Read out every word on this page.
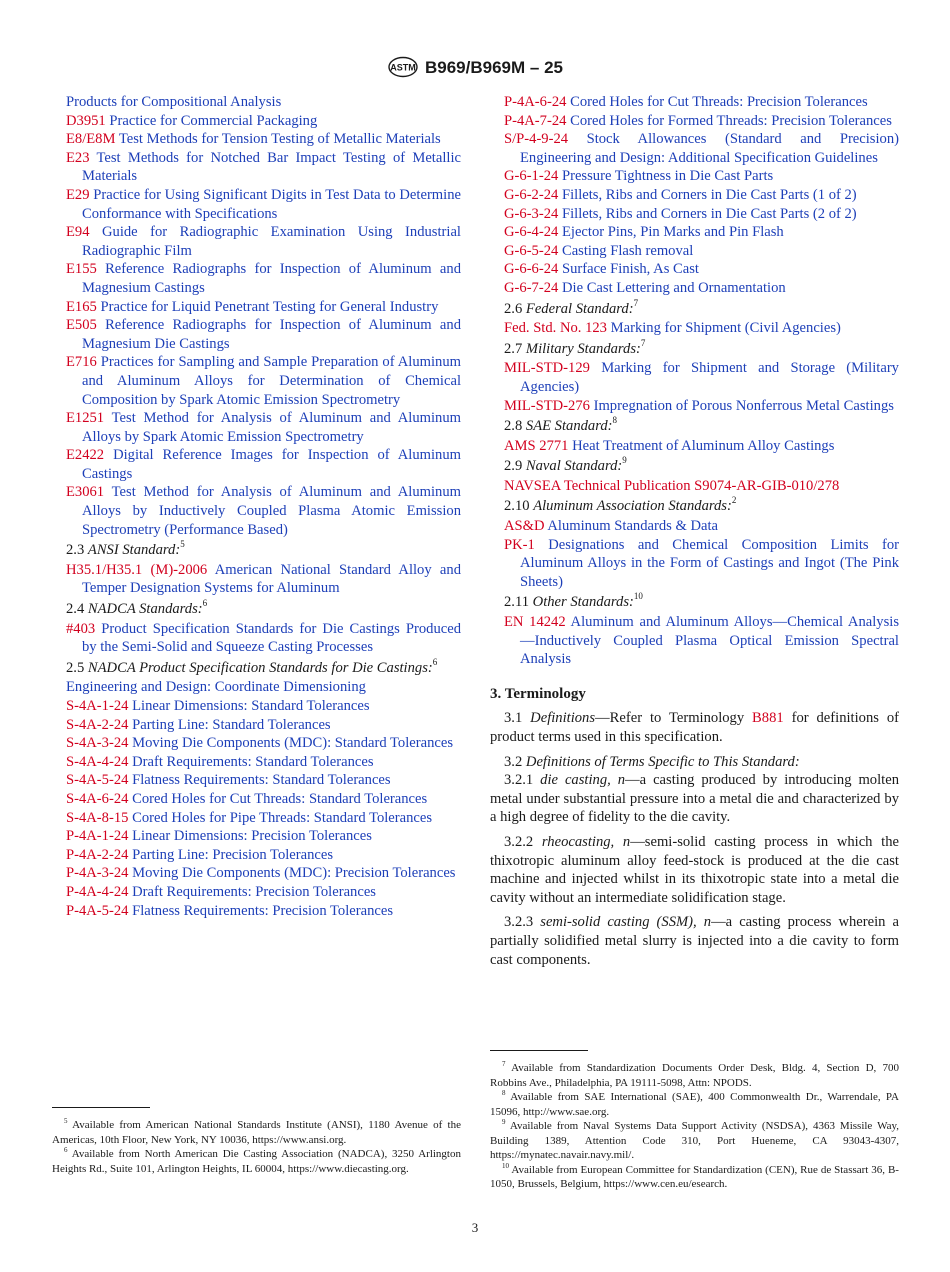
ASTM B969/B969M – 25
Products for Compositional Analysis
D3951 Practice for Commercial Packaging
E8/E8M Test Methods for Tension Testing of Metallic Materials
E23 Test Methods for Notched Bar Impact Testing of Metallic Materials
E29 Practice for Using Significant Digits in Test Data to Determine Conformance with Specifications
E94 Guide for Radiographic Examination Using Industrial Radiographic Film
E155 Reference Radiographs for Inspection of Aluminum and Magnesium Castings
E165 Practice for Liquid Penetrant Testing for General Industry
E505 Reference Radiographs for Inspection of Aluminum and Magnesium Die Castings
E716 Practices for Sampling and Sample Preparation of Aluminum and Aluminum Alloys for Determination of Chemical Composition by Spark Atomic Emission Spectrometry
E1251 Test Method for Analysis of Aluminum and Aluminum Alloys by Spark Atomic Emission Spectrometry
E2422 Digital Reference Images for Inspection of Aluminum Castings
E3061 Test Method for Analysis of Aluminum and Aluminum Alloys by Inductively Coupled Plasma Atomic Emission Spectrometry (Performance Based)
2.3 ANSI Standard:$^5$
H35.1/H35.1 (M)-2006 American National Standard Alloy and Temper Designation Systems for Aluminum
2.4 NADCA Standards:$^6$
#403 Product Specification Standards for Die Castings Produced by the Semi-Solid and Squeeze Casting Processes
2.5 NADCA Product Specification Standards for Die Castings:$^6$
Engineering and Design: Coordinate Dimensioning
S-4A-1-24 Linear Dimensions: Standard Tolerances
S-4A-2-24 Parting Line: Standard Tolerances
S-4A-3-24 Moving Die Components (MDC): Standard Tolerances
S-4A-4-24 Draft Requirements: Standard Tolerances
S-4A-5-24 Flatness Requirements: Standard Tolerances
S-4A-6-24 Cored Holes for Cut Threads: Standard Tolerances
S-4A-8-15 Cored Holes for Pipe Threads: Standard Tolerances
P-4A-1-24 Linear Dimensions: Precision Tolerances
P-4A-2-24 Parting Line: Precision Tolerances
P-4A-3-24 Moving Die Components (MDC): Precision Tolerances
P-4A-4-24 Draft Requirements: Precision Tolerances
P-4A-5-24 Flatness Requirements: Precision Tolerances
P-4A-6-24 Cored Holes for Cut Threads: Precision Tolerances
P-4A-7-24 Cored Holes for Formed Threads: Precision Tolerances
S/P-4-9-24 Stock Allowances (Standard and Precision) Engineering and Design: Additional Specification Guidelines
G-6-1-24 Pressure Tightness in Die Cast Parts
G-6-2-24 Fillets, Ribs and Corners in Die Cast Parts (1 of 2)
G-6-3-24 Fillets, Ribs and Corners in Die Cast Parts (2 of 2)
G-6-4-24 Ejector Pins, Pin Marks and Pin Flash
G-6-5-24 Casting Flash removal
G-6-6-24 Surface Finish, As Cast
G-6-7-24 Die Cast Lettering and Ornamentation
2.6 Federal Standard:$^7$
Fed. Std. No. 123 Marking for Shipment (Civil Agencies)
2.7 Military Standards:$^7$
MIL-STD-129 Marking for Shipment and Storage (Military Agencies)
MIL-STD-276 Impregnation of Porous Nonferrous Metal Castings
2.8 SAE Standard:$^8$
AMS 2771 Heat Treatment of Aluminum Alloy Castings
2.9 Naval Standard:$^9$
NAVSEA Technical Publication S9074-AR-GIB-010/278
2.10 Aluminum Association Standards:$^2$
AS&D Aluminum Standards & Data
PK-1 Designations and Chemical Composition Limits for Aluminum Alloys in the Form of Castings and Ingot (The Pink Sheets)
2.11 Other Standards:$^{10}$
EN 14242 Aluminum and Aluminum Alloys—Chemical Analysis—Inductively Coupled Plasma Optical Emission Spectral Analysis
3. Terminology

3.1 Definitions—Refer to Terminology B881 for definitions of product terms used in this specification.

3.2 Definitions of Terms Specific to This Standard:

3.2.1 die casting, n—a casting produced by introducing molten metal under substantial pressure into a metal die and characterized by a high degree of fidelity to the die cavity.

3.2.2 rheocasting, n—semi-solid casting process in which the thixotropic aluminum alloy feed-stock is produced at the die cast machine and injected whilst in its thixotropic state into a metal die cavity without an intermediate solidification stage.

3.2.3 semi-solid casting (SSM), n—a casting process wherein a partially solidified metal slurry is injected into a die cavity to form cast components.

$^5$ Available from American National Standards Institute (ANSI), 1180 Avenue of the Americas, 10th Floor, New York, NY 10036, https://www.ansi.org.

$^6$ Available from North American Die Casting Association (NADCA), 3250 Arlington Heights Rd., Suite 101, Arlington Heights, IL 60004, https://www.diecasting.org.

$^7$ Available from Standardization Documents Order Desk, Bldg. 4, Section D, 700 Robbins Ave., Philadelphia, PA 19111-5098, Attn: NPODS.

$^8$ Available from SAE International (SAE), 400 Commonwealth Dr., Warrendale, PA 15096, http://www.sae.org.

$^9$ Available from Naval Systems Data Support Activity (NSDSA), 4363 Missile Way, Building 1389, Attention Code 310, Port Hueneme, CA 93043-4307, https://mynatec.navair.navy.mil/.

$^{10}$ Available from European Committee for Standardization (CEN), Rue de Stassart 36, B-1050, Brussels, Belgium, https://www.cen.eu/esearch.

3
